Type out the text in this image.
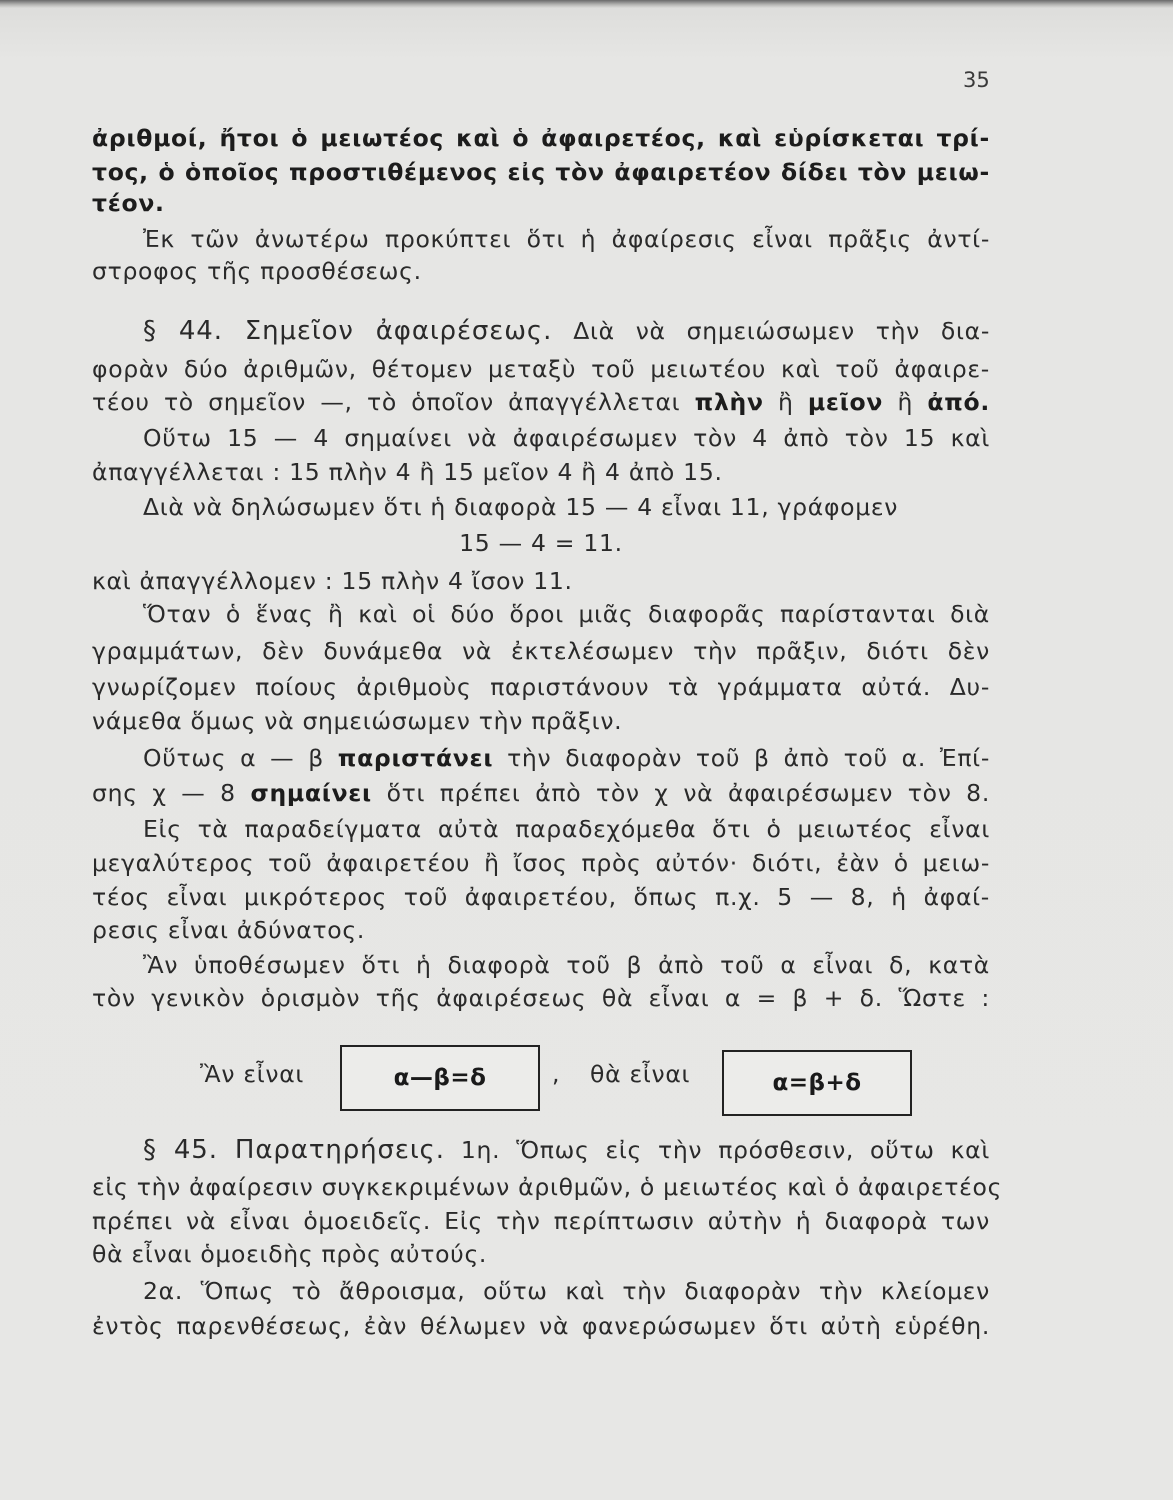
35
ἀριθμοί, ἤτοι ὁ μειωτέος καὶ ὁ ἀφαιρετέος, καὶ εὑρίσκεται τρί-
τος, ὁ ὁποῖος προστιθέμενος εἰς τὸν ἀφαιρετέον δίδει τὸν μειω-
τέον.
Ἐκ τῶν ἀνωτέρω προκύπτει ὅτι ἡ ἀφαίρεσις εἶναι πρᾶξις ἀντί-
στροφος τῆς προσθέσεως.
§ 44. Σημεῖον ἀφαιρέσεως. Διὰ νὰ σημειώσωμεν τὴν δια-
φορὰν δύο ἀριθμῶν, θέτομεν μεταξὺ τοῦ μειωτέου καὶ τοῦ ἀφαιρε-
τέου τὸ σημεῖον —, τὸ ὁποῖον ἀπαγγέλλεται πλὴν ἢ μεῖον ἢ ἀπό.
Οὕτω 15 — 4 σημαίνει νὰ ἀφαιρέσωμεν τὸν 4 ἀπὸ τὸν 15 καὶ
ἀπαγγέλλεται : 15 πλὴν 4 ἢ 15 μεῖον 4 ἢ 4 ἀπὸ 15.
Διὰ νὰ δηλώσωμεν ὅτι ἡ διαφορὰ 15 — 4 εἶναι 11, γράφομεν
15 — 4 = 11.
καὶ ἀπαγγέλλομεν : 15 πλὴν 4 ἴσον 11.
Ὅταν ὁ ἕνας ἢ καὶ οἱ δύο ὅροι μιᾶς διαφορᾶς παρίστανται διὰ
γραμμάτων, δὲν δυνάμεθα νὰ ἐκτελέσωμεν τὴν πρᾶξιν, διότι δὲν
γνωρίζομεν ποίους ἀριθμοὺς παριστάνουν τὰ γράμματα αὐτά. Δυ-
νάμεθα ὅμως νὰ σημειώσωμεν τὴν πρᾶξιν.
Οὕτως α — β παριστάνει τὴν διαφορὰν τοῦ β ἀπὸ τοῦ α. Ἐπί-
σης χ — 8 σημαίνει ὅτι πρέπει ἀπὸ τὸν χ νὰ ἀφαιρέσωμεν τὸν 8.
Εἰς τὰ παραδείγματα αὐτὰ παραδεχόμεθα ὅτι ὁ μειωτέος εἶναι
μεγαλύτερος τοῦ ἀφαιρετέου ἢ ἴσος πρὸς αὐτόν· διότι, ἐὰν ὁ μειω-
τέος εἶναι μικρότερος τοῦ ἀφαιρετέου, ὅπως π.χ. 5 — 8, ἡ ἀφαί-
ρεσις εἶναι ἀδύνατος.
Ἂν ὑποθέσωμεν ὅτι ἡ διαφορὰ τοῦ β ἀπὸ τοῦ α εἶναι δ, κατὰ
τὸν γενικὸν ὁρισμὸν τῆς ἀφαιρέσεως θὰ εἶναι α = β + δ. Ὥστε :
Ἂν εἶναι	α—β=δ	, θὰ εἶναι	α=β+δ
§ 45. Παρατηρήσεις. 1η. Ὅπως εἰς τὴν πρόσθεσιν, οὕτω καὶ
εἰς τὴν ἀφαίρεσιν συγκεκριμένων ἀριθμῶν, ὁ μειωτέος καὶ ὁ ἀφαιρετέος
πρέπει νὰ εἶναι ὁμοειδεῖς. Εἰς τὴν περίπτωσιν αὐτὴν ἡ διαφορὰ των
θὰ εἶναι ὁμοειδὴς πρὸς αὐτούς.
2α. Ὅπως τὸ ἄθροισμα, οὕτω καὶ τὴν διαφορὰν τὴν κλείομεν
ἐντὸς παρενθέσεως, ἐὰν θέλωμεν νὰ φανερώσωμεν ὅτι αὐτὴ εὑρέθη.
